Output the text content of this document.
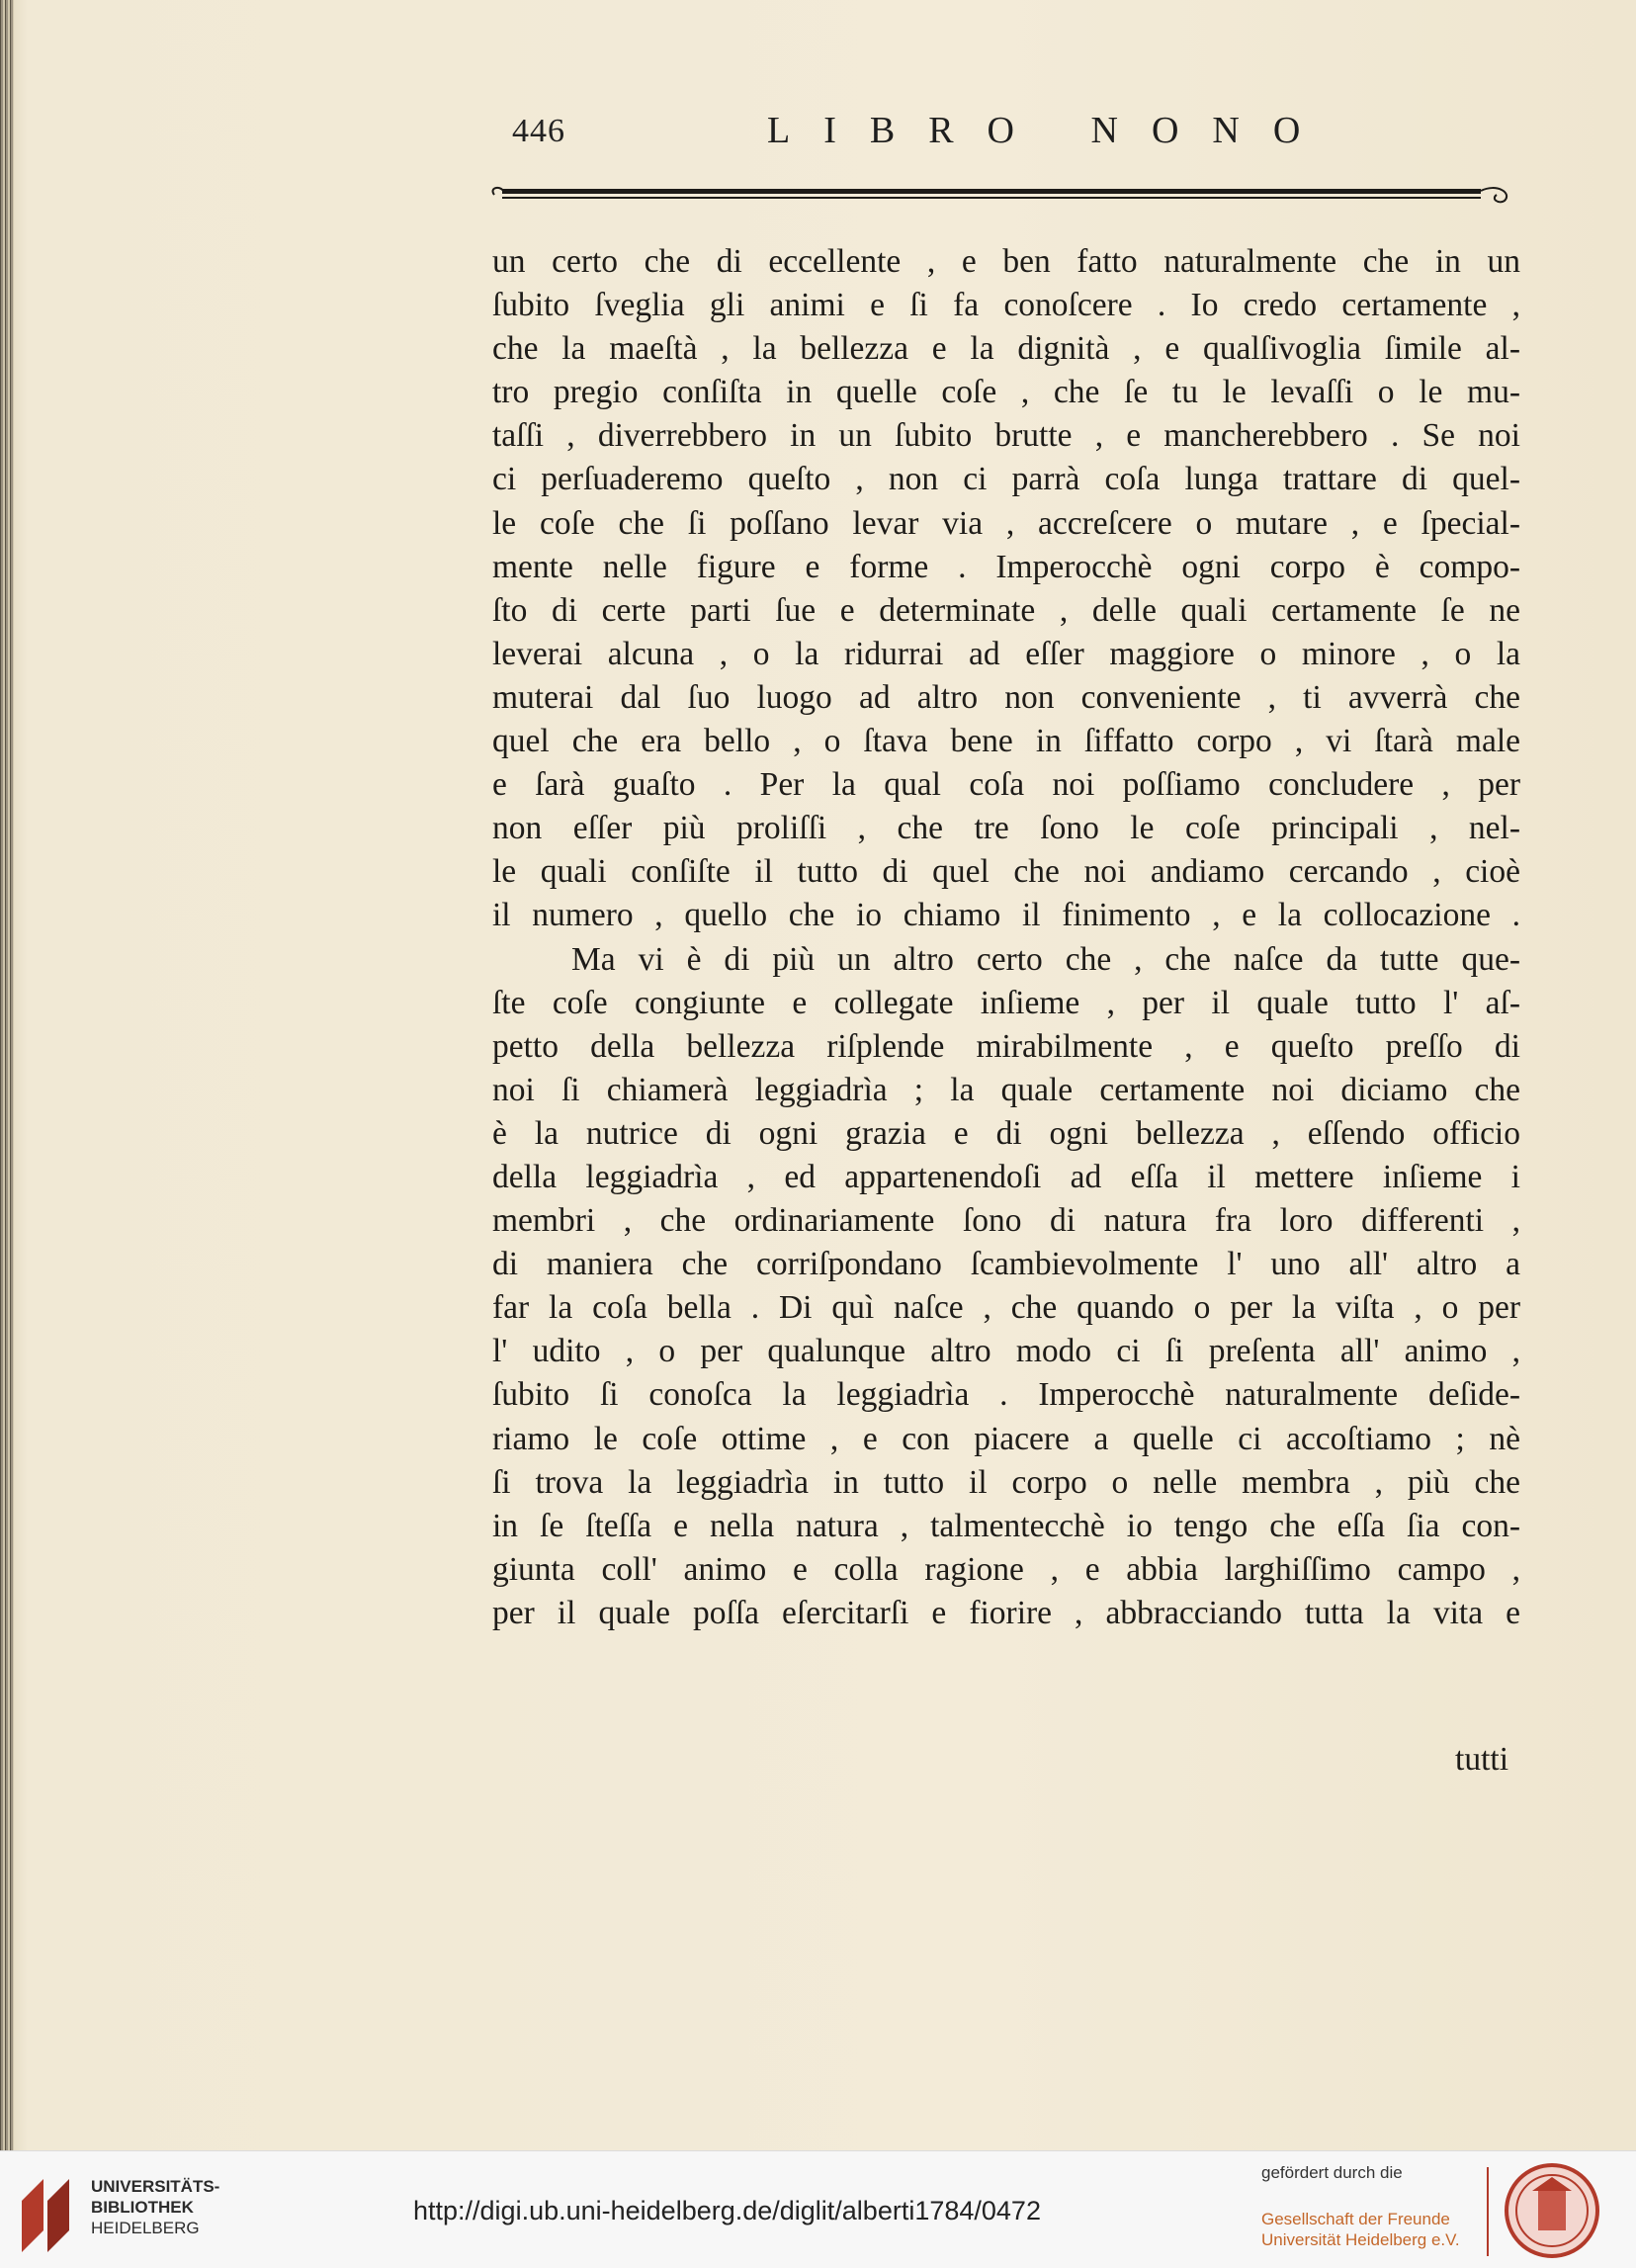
446	LIBRO NONO
un certo che di eccellente , e ben fatto naturalmente che in un
ſubito ſveglia gli animi e ſi fa conoſcere . Io credo certamente ,
che la maeſtà , la bellezza e la dignità , e qualſivoglia ſimile al-
tro pregio conſiſta in quelle coſe , che ſe tu le levaſſi o le mu-
taſſi , diverrebbero in un ſubito brutte , e mancherebbero . Se noi
ci perſuaderemo queſto , non ci parrà coſa lunga trattare di quel-
le coſe che ſi poſſano levar via , accreſcere o mutare , e ſpecial-
mente nelle figure e forme . Imperocchè ogni corpo è compo-
ſto di certe parti ſue e determinate , delle quali certamente ſe ne
leverai alcuna , o la ridurrai ad eſſer maggiore o minore , o la
muterai dal ſuo luogo ad altro non conveniente , ti avverrà che
quel che era bello , o ſtava bene in ſiffatto corpo , vi ſtarà male
e ſarà guaſto . Per la qual coſa noi poſſiamo concludere , per
non eſſer più proliſſi , che tre ſono le coſe principali , nel-
le quali conſiſte il tutto di quel che noi andiamo cercando , cioè
il numero , quello che io chiamo il finimento , e la collocazione .
Ma vi è di più un altro certo che , che naſce da tutte que-
ſte coſe congiunte e collegate inſieme , per il quale tutto l' aſ-
petto della bellezza riſplende mirabilmente , e queſto preſſo di
noi ſi chiamerà leggiadrìa ; la quale certamente noi diciamo che
è la nutrice di ogni grazia e di ogni bellezza , eſſendo officio
della leggiadrìa , ed appartenendoſi ad eſſa il mettere inſieme i
membri , che ordinariamente ſono di natura fra loro differenti ,
di maniera che corriſpondano ſcambievolmente l' uno all' altro a
far la coſa bella . Di quì naſce , che quando o per la viſta , o per
l' udito , o per qualunque altro modo ci ſi preſenta all' animo ,
ſubito ſi conoſca la leggiadrìa . Imperocchè naturalmente deſide-
riamo le coſe ottime , e con piacere a quelle ci accoſtiamo ; nè
ſi trova la leggiadrìa in tutto il corpo o nelle membra , più che
in ſe ſteſſa e nella natura , talmentecchè io tengo che eſſa ſia con-
giunta coll' animo e colla ragione , e abbia larghiſſimo campo ,
per il quale poſſa eſercitarſi e fiorire , abbracciando tutta la vita e
tutti
UNIVERSITÄTS-
BIBLIOTHEK
HEIDELBERG
http://digi.ub.uni-heidelberg.de/diglit/alberti1784/0472
gefördert durch die
Gesellschaft der Freunde
Universität Heidelberg e.V.
